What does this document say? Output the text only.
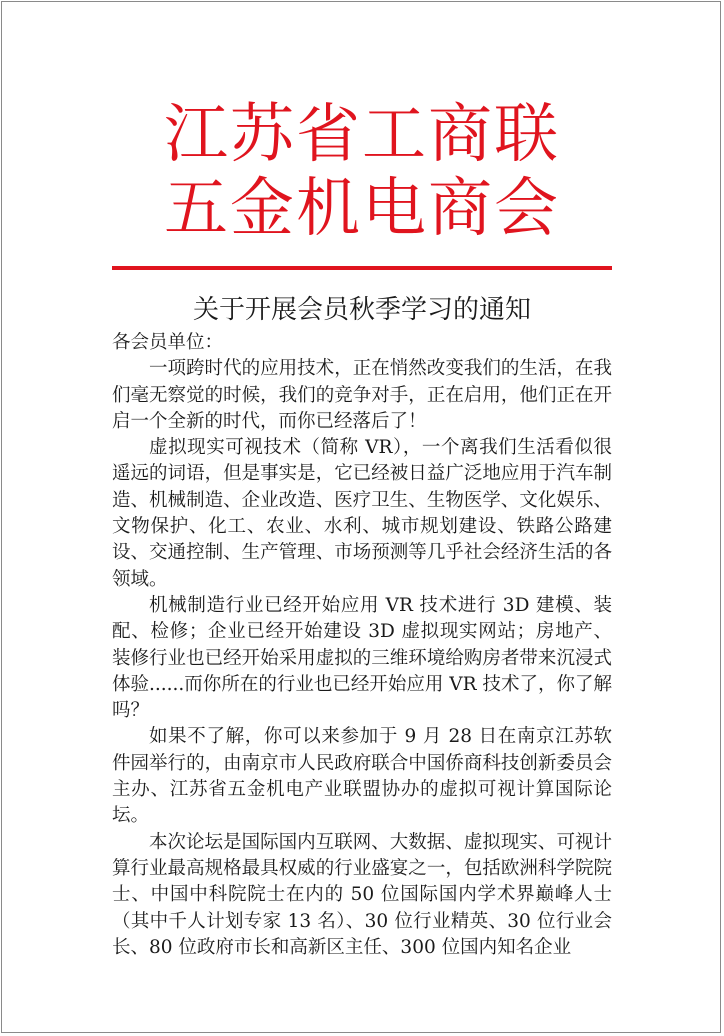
江苏省工商联
五金机电商会
关于开展会员秋季学习的通知
各会员单位：

一项跨时代的应用技术，正在悄然改变我们的生活，在我们毫无察觉的时候，我们的竞争对手，正在启用，他们正在开启一个全新的时代，而你已经落后了！

虚拟现实可视技术（简称 VR），一个离我们生活看似很遥远的词语，但是事实是，它已经被日益广泛地应用于汽车制造、机械制造、企业改造、医疗卫生、生物医学、文化娱乐、文物保护、化工、农业、水利、城市规划建设、铁路公路建设、交通控制、生产管理、市场预测等几乎社会经济生活的各领域。

机械制造行业已经开始应用 VR 技术进行 3D 建模、装配、检修；企业已经开始建设 3D 虚拟现实网站；房地产、装修行业也已经开始采用虚拟的三维环境给购房者带来沉浸式体验......而你所在的行业也已经开始应用 VR 技术了，你了解吗？

如果不了解，你可以来参加于 9 月 28 日在南京江苏软件园举行的，由南京市人民政府联合中国侨商科技创新委员会主办、江苏省五金机电产业联盟协办的虚拟可视计算国际论坛。

本次论坛是国际国内互联网、大数据、虚拟现实、可视计算行业最高规格最具权威的行业盛宴之一，包括欧洲科学院院士、中国中科院院士在内的 50 位国际国内学术界巅峰人士（其中千人计划专家 13 名）、30 位行业精英、30 位行业会长、80 位政府市长和高新区主任、300 位国内知名企业
